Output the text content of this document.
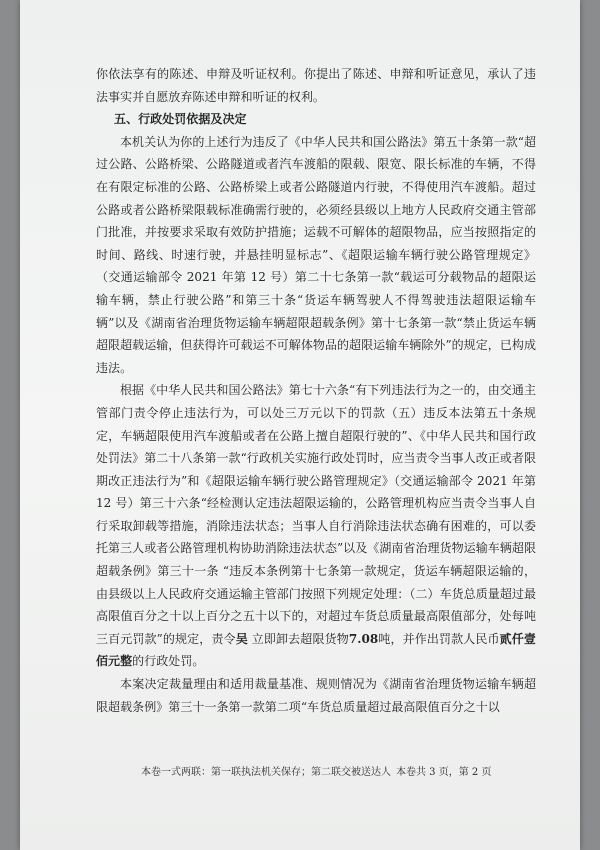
你依法享有的陈述、申辩及听证权利。你提出了陈述、申辩和听证意见，承认了违法事实并自愿放弃陈述申辩和听证的权利。

五、行政处罚依据及决定

本机关认为你的上述行为违反了《中华人民共和国公路法》第五十条第一款“超过公路、公路桥梁、公路隧道或者汽车渡船的限载、限宽、限长标准的车辆，不得在有限定标准的公路、公路桥梁上或者公路隧道内行驶，不得使用汽车渡船。超过公路或者公路桥梁限载标准确需行驶的，必须经县级以上地方人民政府交通主管部门批准，并按要求采取有效防护措施；运载不可解体的超限物品，应当按照指定的时间、路线、时速行驶，并悬挂明显标志”、《超限运输车辆行驶公路管理规定》（交通运输部令 2021 年第 12 号）第二十七条第一款“载运可分载物品的超限运输车辆，禁止行驶公路”和第三十条“货运车辆驾驶人不得驾驶违法超限运输车辆”以及《湖南省治理货物运输车辆超限超载条例》第十七条第一款“禁止货运车辆超限超载运输，但获得许可载运不可解体物品的超限运输车辆除外”的规定，已构成违法。

根据《中华人民共和国公路法》第七十六条“有下列违法行为之一的，由交通主管部门责令停止违法行为，可以处三万元以下的罚款（五）违反本法第五十条规定，车辆超限使用汽车渡船或者在公路上擅自超限行驶的”、《中华人民共和国行政处罚法》第二十八条第一款“行政机关实施行政处罚时，应当责令当事人改正或者限期改正违法行为”和《超限运输车辆行驶公路管理规定》（交通运输部令 2021 年第 12 号）第三十六条“经检测认定违法超限运输的，公路管理机构应当责令当事人自行采取卸载等措施，消除违法状态；当事人自行消除违法状态确有困难的，可以委托第三人或者公路管理机构协助消除违法状态”以及《湖南省治理货物运输车辆超限超载条例》第三十一条 “违反本条例第十七条第一款规定，货运车辆超限运输的，由县级以上人民政府交通运输主管部门按照下列规定处理：（二）车货总质量超过最高限值百分之十以上百分之五十以下的，对超过车货总质量最高限值部分，处每吨三百元罚款”的规定，责令吴 立即卸去超限货物7.08吨，并作出罚款人民币贰仟壹佰元整的行政处罚。

本案决定裁量理由和适用裁量基准、规则情况为《湖南省治理货物运输车辆超限超载条例》第三十一条第一款第二项“车货总质量超过最高限值百分之十以

本卷一式两联：第一联执法机关保存；第二联交被送达人 本卷共 3 页，第 2 页
